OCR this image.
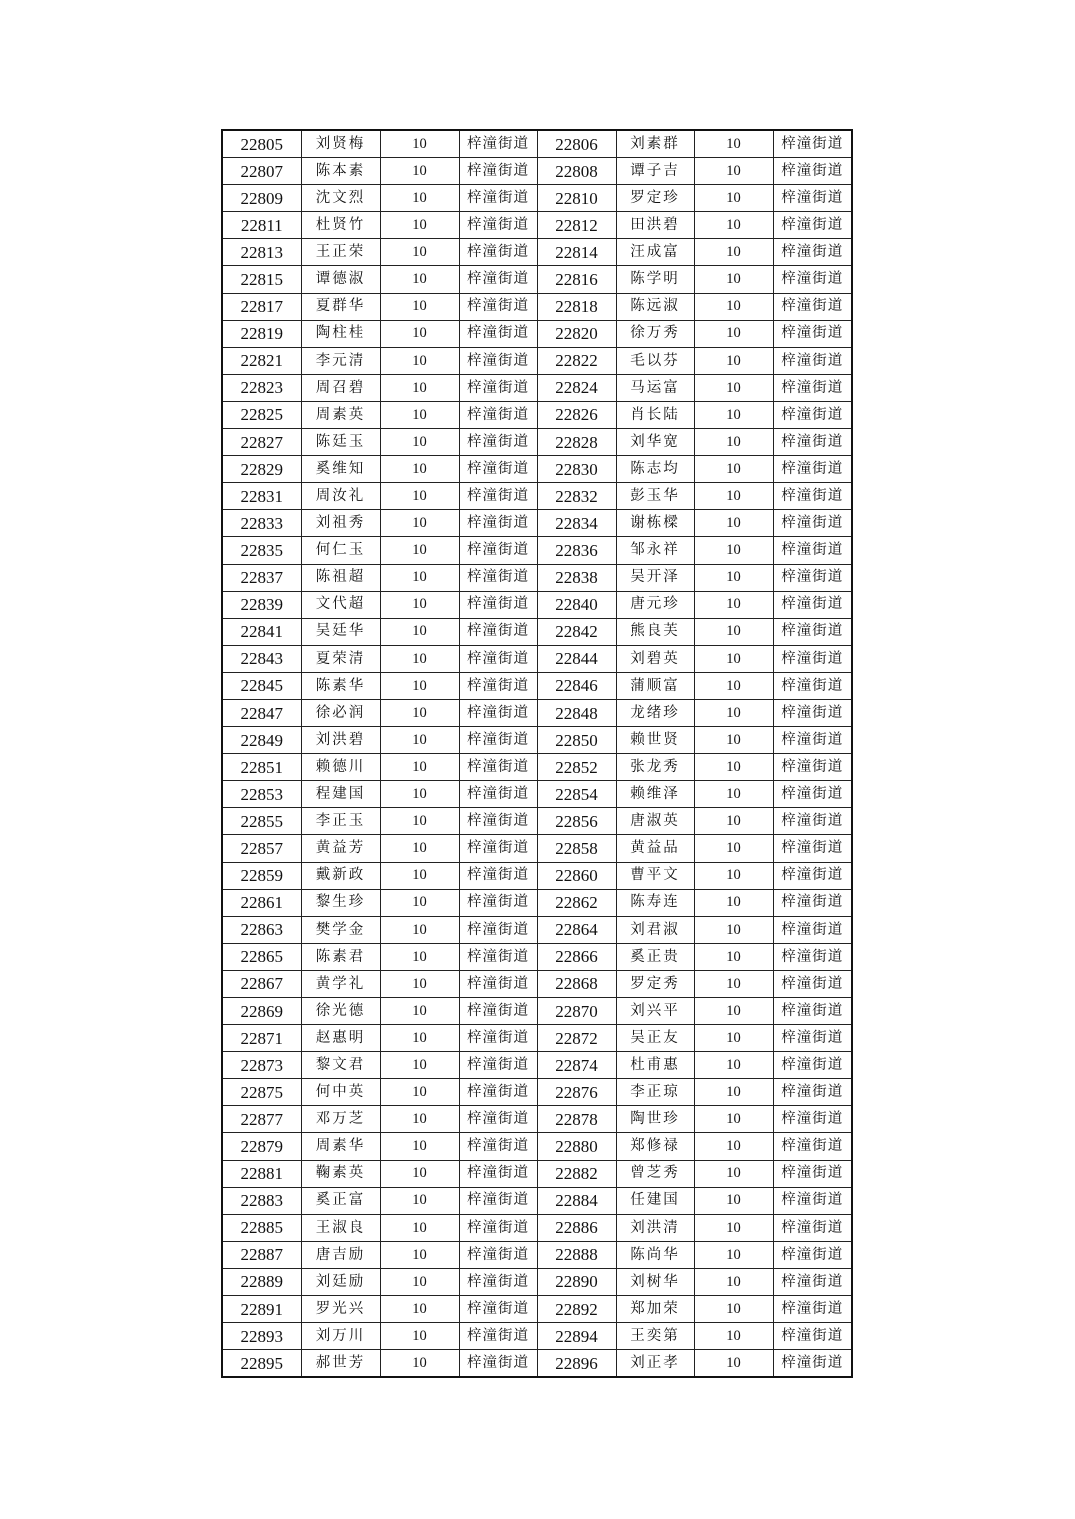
22805	刘贤梅	10	梓潼街道	22806	刘素群	10	梓潼街道
22807	陈本素	10	梓潼街道	22808	谭子吉	10	梓潼街道
22809	沈文烈	10	梓潼街道	22810	罗定珍	10	梓潼街道
22811	杜贤竹	10	梓潼街道	22812	田洪碧	10	梓潼街道
22813	王正荣	10	梓潼街道	22814	汪成富	10	梓潼街道
22815	谭德淑	10	梓潼街道	22816	陈学明	10	梓潼街道
22817	夏群华	10	梓潼街道	22818	陈远淑	10	梓潼街道
22819	陶柱桂	10	梓潼街道	22820	徐万秀	10	梓潼街道
22821	李元清	10	梓潼街道	22822	毛以芬	10	梓潼街道
22823	周召碧	10	梓潼街道	22824	马运富	10	梓潼街道
22825	周素英	10	梓潼街道	22826	肖长陆	10	梓潼街道
22827	陈廷玉	10	梓潼街道	22828	刘华宽	10	梓潼街道
22829	奚维知	10	梓潼街道	22830	陈志均	10	梓潼街道
22831	周汝礼	10	梓潼街道	22832	彭玉华	10	梓潼街道
22833	刘祖秀	10	梓潼街道	22834	谢栋樑	10	梓潼街道
22835	何仁玉	10	梓潼街道	22836	邹永祥	10	梓潼街道
22837	陈祖超	10	梓潼街道	22838	吴开泽	10	梓潼街道
22839	文代超	10	梓潼街道	22840	唐元珍	10	梓潼街道
22841	吴廷华	10	梓潼街道	22842	熊良芙	10	梓潼街道
22843	夏荣清	10	梓潼街道	22844	刘碧英	10	梓潼街道
22845	陈素华	10	梓潼街道	22846	蒲顺富	10	梓潼街道
22847	徐必润	10	梓潼街道	22848	龙绪珍	10	梓潼街道
22849	刘洪碧	10	梓潼街道	22850	赖世贤	10	梓潼街道
22851	赖德川	10	梓潼街道	22852	张龙秀	10	梓潼街道
22853	程建国	10	梓潼街道	22854	赖维泽	10	梓潼街道
22855	李正玉	10	梓潼街道	22856	唐淑英	10	梓潼街道
22857	黄益芳	10	梓潼街道	22858	黄益品	10	梓潼街道
22859	戴新政	10	梓潼街道	22860	曹平文	10	梓潼街道
22861	黎生珍	10	梓潼街道	22862	陈寿连	10	梓潼街道
22863	樊学金	10	梓潼街道	22864	刘君淑	10	梓潼街道
22865	陈素君	10	梓潼街道	22866	奚正贵	10	梓潼街道
22867	黄学礼	10	梓潼街道	22868	罗定秀	10	梓潼街道
22869	徐光德	10	梓潼街道	22870	刘兴平	10	梓潼街道
22871	赵惠明	10	梓潼街道	22872	吴正友	10	梓潼街道
22873	黎文君	10	梓潼街道	22874	杜甫惠	10	梓潼街道
22875	何中英	10	梓潼街道	22876	李正琼	10	梓潼街道
22877	邓万芝	10	梓潼街道	22878	陶世珍	10	梓潼街道
22879	周素华	10	梓潼街道	22880	郑修禄	10	梓潼街道
22881	鞠素英	10	梓潼街道	22882	曾芝秀	10	梓潼街道
22883	奚正富	10	梓潼街道	22884	任建国	10	梓潼街道
22885	王淑良	10	梓潼街道	22886	刘洪清	10	梓潼街道
22887	唐吉励	10	梓潼街道	22888	陈尚华	10	梓潼街道
22889	刘廷励	10	梓潼街道	22890	刘树华	10	梓潼街道
22891	罗光兴	10	梓潼街道	22892	郑加荣	10	梓潼街道
22893	刘万川	10	梓潼街道	22894	王奕第	10	梓潼街道
22895	郝世芳	10	梓潼街道	22896	刘正孝	10	梓潼街道
